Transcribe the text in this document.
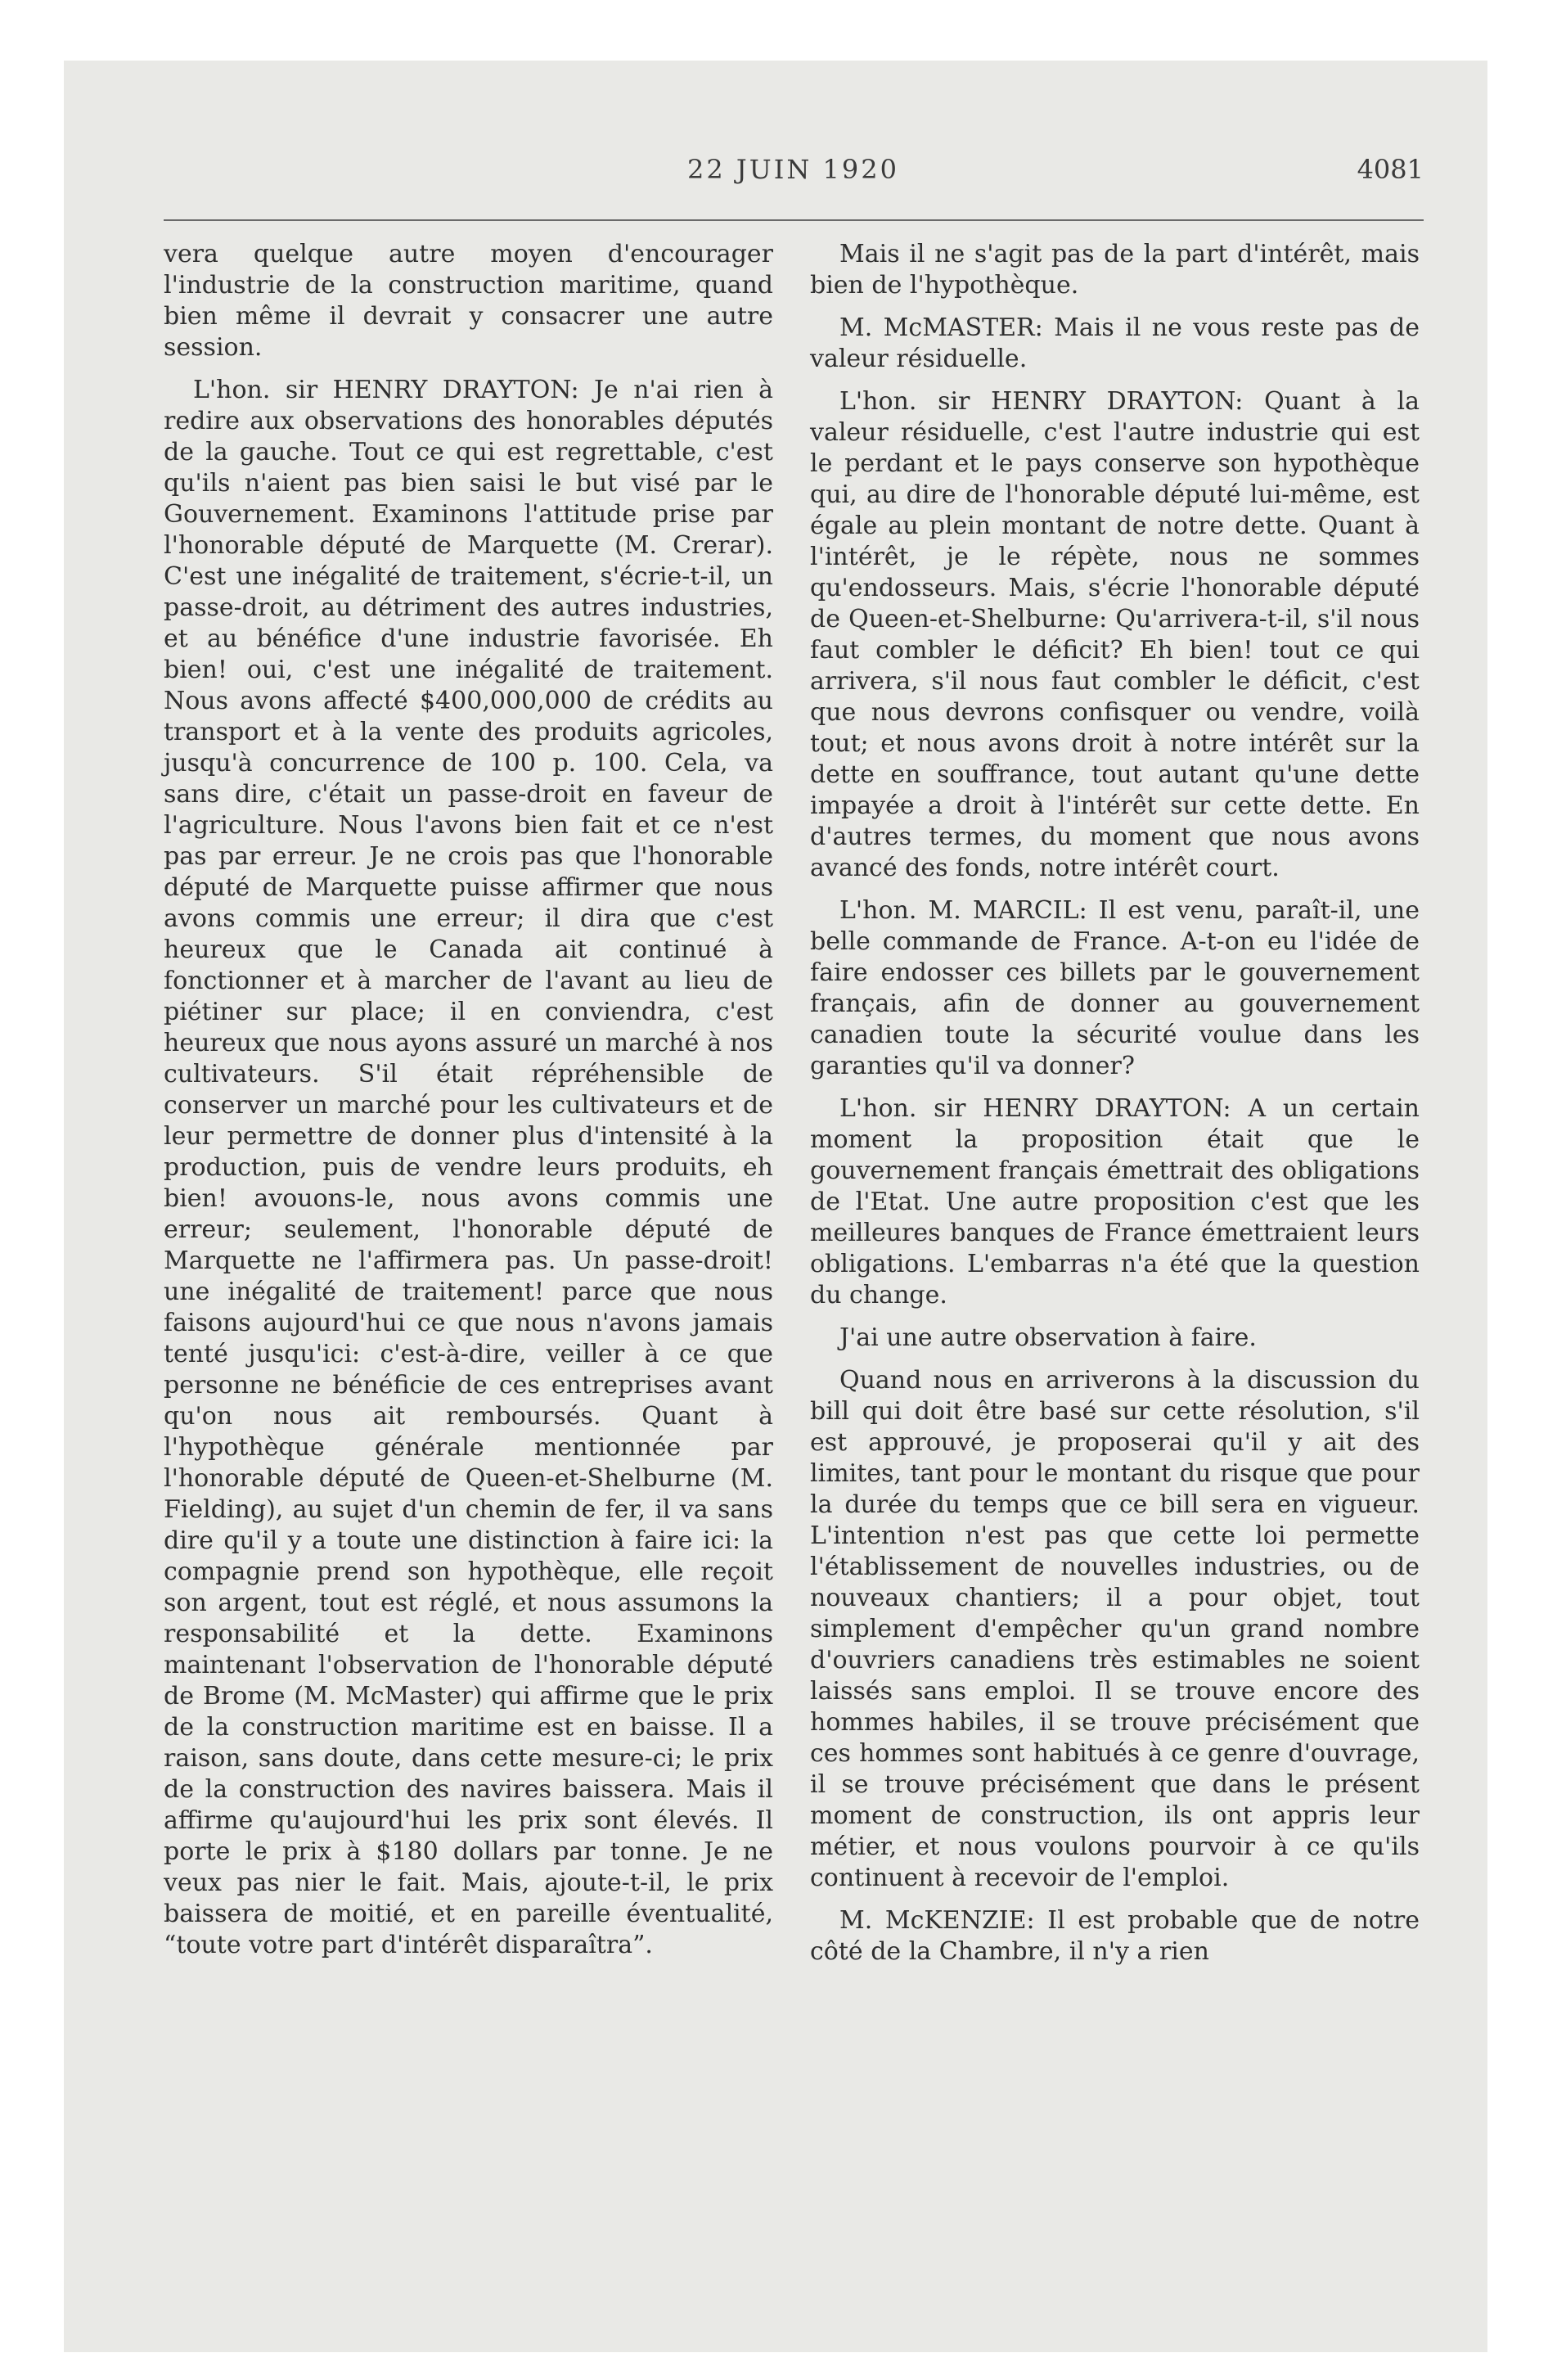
22 JUIN 1920	4081

vera quelque autre moyen d'encourager l'industrie de la construction maritime, quand bien même il devrait y consacrer une autre session.

L'hon. sir HENRY DRAYTON: Je n'ai rien à redire aux observations des honorables députés de la gauche. Tout ce qui est regrettable, c'est qu'ils n'aient pas bien saisi le but visé par le Gouvernement. Examinons l'attitude prise par l'honorable député de Marquette (M. Crerar). C'est une inégalité de traitement, s'écrie-t-il, un passe-droit, au détriment des autres industries, et au bénéfice d'une industrie favorisée. Eh bien! oui, c'est une inégalité de traitement. Nous avons affecté $400,000,000 de crédits au transport et à la vente des produits agricoles, jusqu'à concurrence de 100 p. 100. Cela, va sans dire, c'était un passe-droit en faveur de l'agriculture. Nous l'avons bien fait et ce n'est pas par erreur. Je ne crois pas que l'honorable député de Marquette puisse affirmer que nous avons commis une erreur; il dira que c'est heureux que le Canada ait continué à fonctionner et à marcher de l'avant au lieu de piétiner sur place; il en conviendra, c'est heureux que nous ayons assuré un marché à nos cultivateurs. S'il était répréhensible de conserver un marché pour les cultivateurs et de leur permettre de donner plus d'intensité à la production, puis de vendre leurs produits, eh bien! avouons-le, nous avons commis une erreur; seulement, l'honorable député de Marquette ne l'affirmera pas. Un passe-droit! une inégalité de traitement! parce que nous faisons aujourd'hui ce que nous n'avons jamais tenté jusqu'ici: c'est-à-dire, veiller à ce que personne ne bénéficie de ces entreprises avant qu'on nous ait remboursés. Quant à l'hypothèque générale mentionnée par l'honorable député de Queen-et-Shelburne (M. Fielding), au sujet d'un chemin de fer, il va sans dire qu'il y a toute une distinction à faire ici: la compagnie prend son hypothèque, elle reçoit son argent, tout est réglé, et nous assumons la responsabilité et la dette. Examinons maintenant l'observation de l'honorable député de Brome (M. McMaster) qui affirme que le prix de la construction maritime est en baisse. Il a raison, sans doute, dans cette mesure-ci; le prix de la construction des navires baissera. Mais il affirme qu'aujourd'hui les prix sont élevés. Il porte le prix à $180 dollars par tonne. Je ne veux pas nier le fait. Mais, ajoute-t-il, le prix baissera de moitié, et en pareille éventualité, “toute votre part d'intérêt disparaîtra”.

Mais il ne s'agit pas de la part d'intérêt, mais bien de l'hypothèque.

M. McMASTER: Mais il ne vous reste pas de valeur résiduelle.

L'hon. sir HENRY DRAYTON: Quant à la valeur résiduelle, c'est l'autre industrie qui est le perdant et le pays conserve son hypothèque qui, au dire de l'honorable député lui-même, est égale au plein montant de notre dette. Quant à l'intérêt, je le répète, nous ne sommes qu'endosseurs. Mais, s'écrie l'honorable député de Queen-et-Shelburne: Qu'arrivera-t-il, s'il nous faut combler le déficit? Eh bien! tout ce qui arrivera, s'il nous faut combler le déficit, c'est que nous devrons confisquer ou vendre, voilà tout; et nous avons droit à notre intérêt sur la dette en souffrance, tout autant qu'une dette impayée a droit à l'intérêt sur cette dette. En d'autres termes, du moment que nous avons avancé des fonds, notre intérêt court.

L'hon. M. MARCIL: Il est venu, paraît-il, une belle commande de France. A-t-on eu l'idée de faire endosser ces billets par le gouvernement français, afin de donner au gouvernement canadien toute la sécurité voulue dans les garanties qu'il va donner?

L'hon. sir HENRY DRAYTON: A un certain moment la proposition était que le gouvernement français émettrait des obligations de l'Etat. Une autre proposition c'est que les meilleures banques de France émettraient leurs obligations. L'embarras n'a été que la question du change.

J'ai une autre observation à faire.

Quand nous en arriverons à la discussion du bill qui doit être basé sur cette résolution, s'il est approuvé, je proposerai qu'il y ait des limites, tant pour le montant du risque que pour la durée du temps que ce bill sera en vigueur. L'intention n'est pas que cette loi permette l'établissement de nouvelles industries, ou de nouveaux chantiers; il a pour objet, tout simplement d'empêcher qu'un grand nombre d'ouvriers canadiens très estimables ne soient laissés sans emploi. Il se trouve encore des hommes habiles, il se trouve précisément que ces hommes sont habitués à ce genre d'ouvrage, il se trouve précisément que dans le présent moment de construction, ils ont appris leur métier, et nous voulons pourvoir à ce qu'ils continuent à recevoir de l'emploi.

M. McKENZIE: Il est probable que de notre côté de la Chambre, il n'y a rien
